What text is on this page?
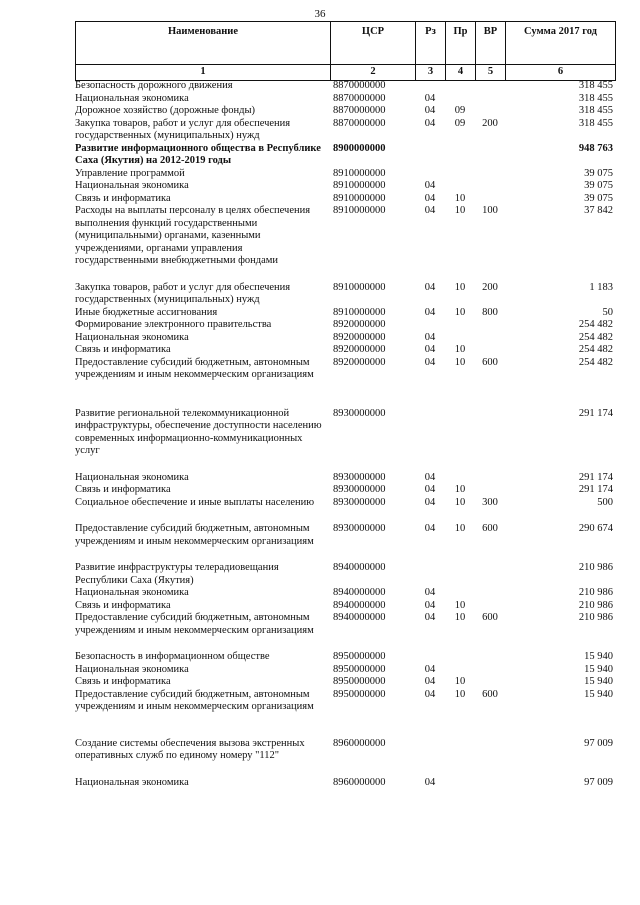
36
Наименование	ЦСР	Рз	Пр	ВР	Сумма 2017 год
1	2	3	4	5	6
Безопасность дорожного движения	8870000000				318 455
Национальная экономика	8870000000	04			318 455
Дорожное хозяйство (дорожные фонды)	8870000000	04	09		318 455
Закупка товаров, работ и услуг для обеспечения государственных (муниципальных) нужд	8870000000	04	09	200	318 455
Развитие информационного общества в Республике Саха (Якутия) на 2012-2019 годы	8900000000				948 763
Управление программой	8910000000				39 075
Национальная экономика	8910000000	04			39 075
Связь и информатика	8910000000	04	10		39 075
Расходы на выплаты персоналу в целях обеспечения выполнения функций государственными (муниципальными) органами, казенными учреждениями, органами управления государственными внебюджетными фондами	8910000000	04	10	100	37 842
Закупка товаров, работ и услуг для обеспечения государственных (муниципальных) нужд	8910000000	04	10	200	1 183
Иные бюджетные ассигнования	8910000000	04	10	800	50
Формирование электронного правительства	8920000000				254 482
Национальная экономика	8920000000	04			254 482
Связь и информатика	8920000000	04	10		254 482
Предоставление субсидий бюджетным, автономным учреждениям и иным некоммерческим организациям	8920000000	04	10	600	254 482
Развитие региональной телекоммуникационной инфраструктуры, обеспечение доступности населению современных информационно-коммуникационных услуг	8930000000				291 174
Национальная экономика	8930000000	04			291 174
Связь и информатика	8930000000	04	10		291 174
Социальное обеспечение и иные выплаты населению	8930000000	04	10	300	500
Предоставление субсидий бюджетным, автономным учреждениям и иным некоммерческим организациям	8930000000	04	10	600	290 674
Развитие инфраструктуры телерадиовещания Республики Саха (Якутия)	8940000000				210 986
Национальная экономика	8940000000	04			210 986
Связь и информатика	8940000000	04	10		210 986
Предоставление субсидий бюджетным, автономным учреждениям и иным некоммерческим организациям	8940000000	04	10	600	210 986
Безопасность в информационном обществе	8950000000				15 940
Национальная экономика	8950000000	04			15 940
Связь и информатика	8950000000	04	10		15 940
Предоставление субсидий бюджетным, автономным учреждениям и иным некоммерческим организациям	8950000000	04	10	600	15 940
Создание системы обеспечения вызова экстренных оперативных служб по единому номеру "112"	8960000000				97 009
Национальная экономика	8960000000	04			97 009
